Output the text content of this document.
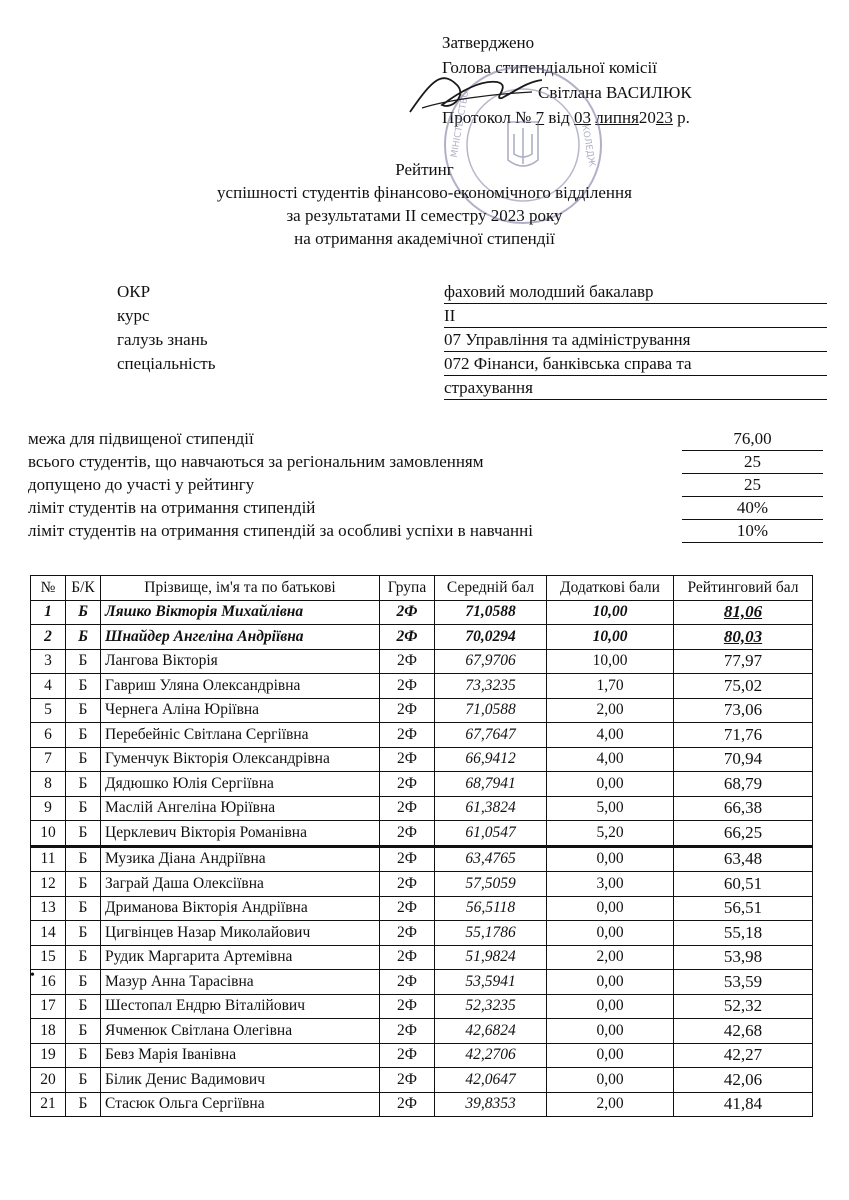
Затверджено
Голова стипендіальної комісії
Світлана ВАСИЛЮК
Протокол № 7 від 03 липня2023 р.
МІНІСТЕРСТВО	КОЛЕДЖ
Рейтинг
успішності студентів фінансово-економічного відділення
за результатами ІІ семестру 2023 року
на отримання академічної стипендії
ОКР	фаховий молодший бакалавр
курс	ІІ
галузь знань	07 Управління та адміністрування
спеціальність	072 Фінанси, банківська справа та
страхування
межа для підвищеної стипендії	76,00
всього студентів, що навчаються за регіональним замовленням	25
допущено до участі у рейтингу	25
ліміт студентів на отримання стипендій	40%
ліміт студентів на отримання стипендій за особливі успіхи в навчанні	10%
№	Б/К	Прізвище, ім'я та по батькові	Група	Середній бал	Додаткові бали	Рейтинговий бал
1	Б	Ляшко Вікторія Михайлівна	2Ф	71,0588	10,00	81,06
2	Б	Шнайдер Ангеліна Андріївна	2Ф	70,0294	10,00	80,03
3	Б	Лангова Вікторія	2Ф	67,9706	10,00	77,97
4	Б	Гавриш Уляна Олександрівна	2Ф	73,3235	1,70	75,02
5	Б	Чернега Аліна Юріївна	2Ф	71,0588	2,00	73,06
6	Б	Перебейніс Світлана Сергіївна	2Ф	67,7647	4,00	71,76
7	Б	Гуменчук Вікторія Олександрівна	2Ф	66,9412	4,00	70,94
8	Б	Дядюшко Юлія Сергіївна	2Ф	68,7941	0,00	68,79
9	Б	Маслій Ангеліна Юріївна	2Ф	61,3824	5,00	66,38
10	Б	Церклевич Вікторія Романівна	2Ф	61,0547	5,20	66,25
11	Б	Музика Діана Андріївна	2Ф	63,4765	0,00	63,48
12	Б	Заграй Даша Олексіївна	2Ф	57,5059	3,00	60,51
13	Б	Дриманова Вікторія Андріївна	2Ф	56,5118	0,00	56,51
14	Б	Цигвінцев Назар Миколайович	2Ф	55,1786	0,00	55,18
15	Б	Рудик Маргарита Артемівна	2Ф	51,9824	2,00	53,98
16	Б	Мазур Анна Тарасівна	2Ф	53,5941	0,00	53,59
17	Б	Шестопал Ендрю Віталійович	2Ф	52,3235	0,00	52,32
18	Б	Ячменюк Світлана Олегівна	2Ф	42,6824	0,00	42,68
19	Б	Бевз Марія Іванівна	2Ф	42,2706	0,00	42,27
20	Б	Білик Денис Вадимович	2Ф	42,0647	0,00	42,06
21	Б	Стасюк Ольга Сергіївна	2Ф	39,8353	2,00	41,84
•
